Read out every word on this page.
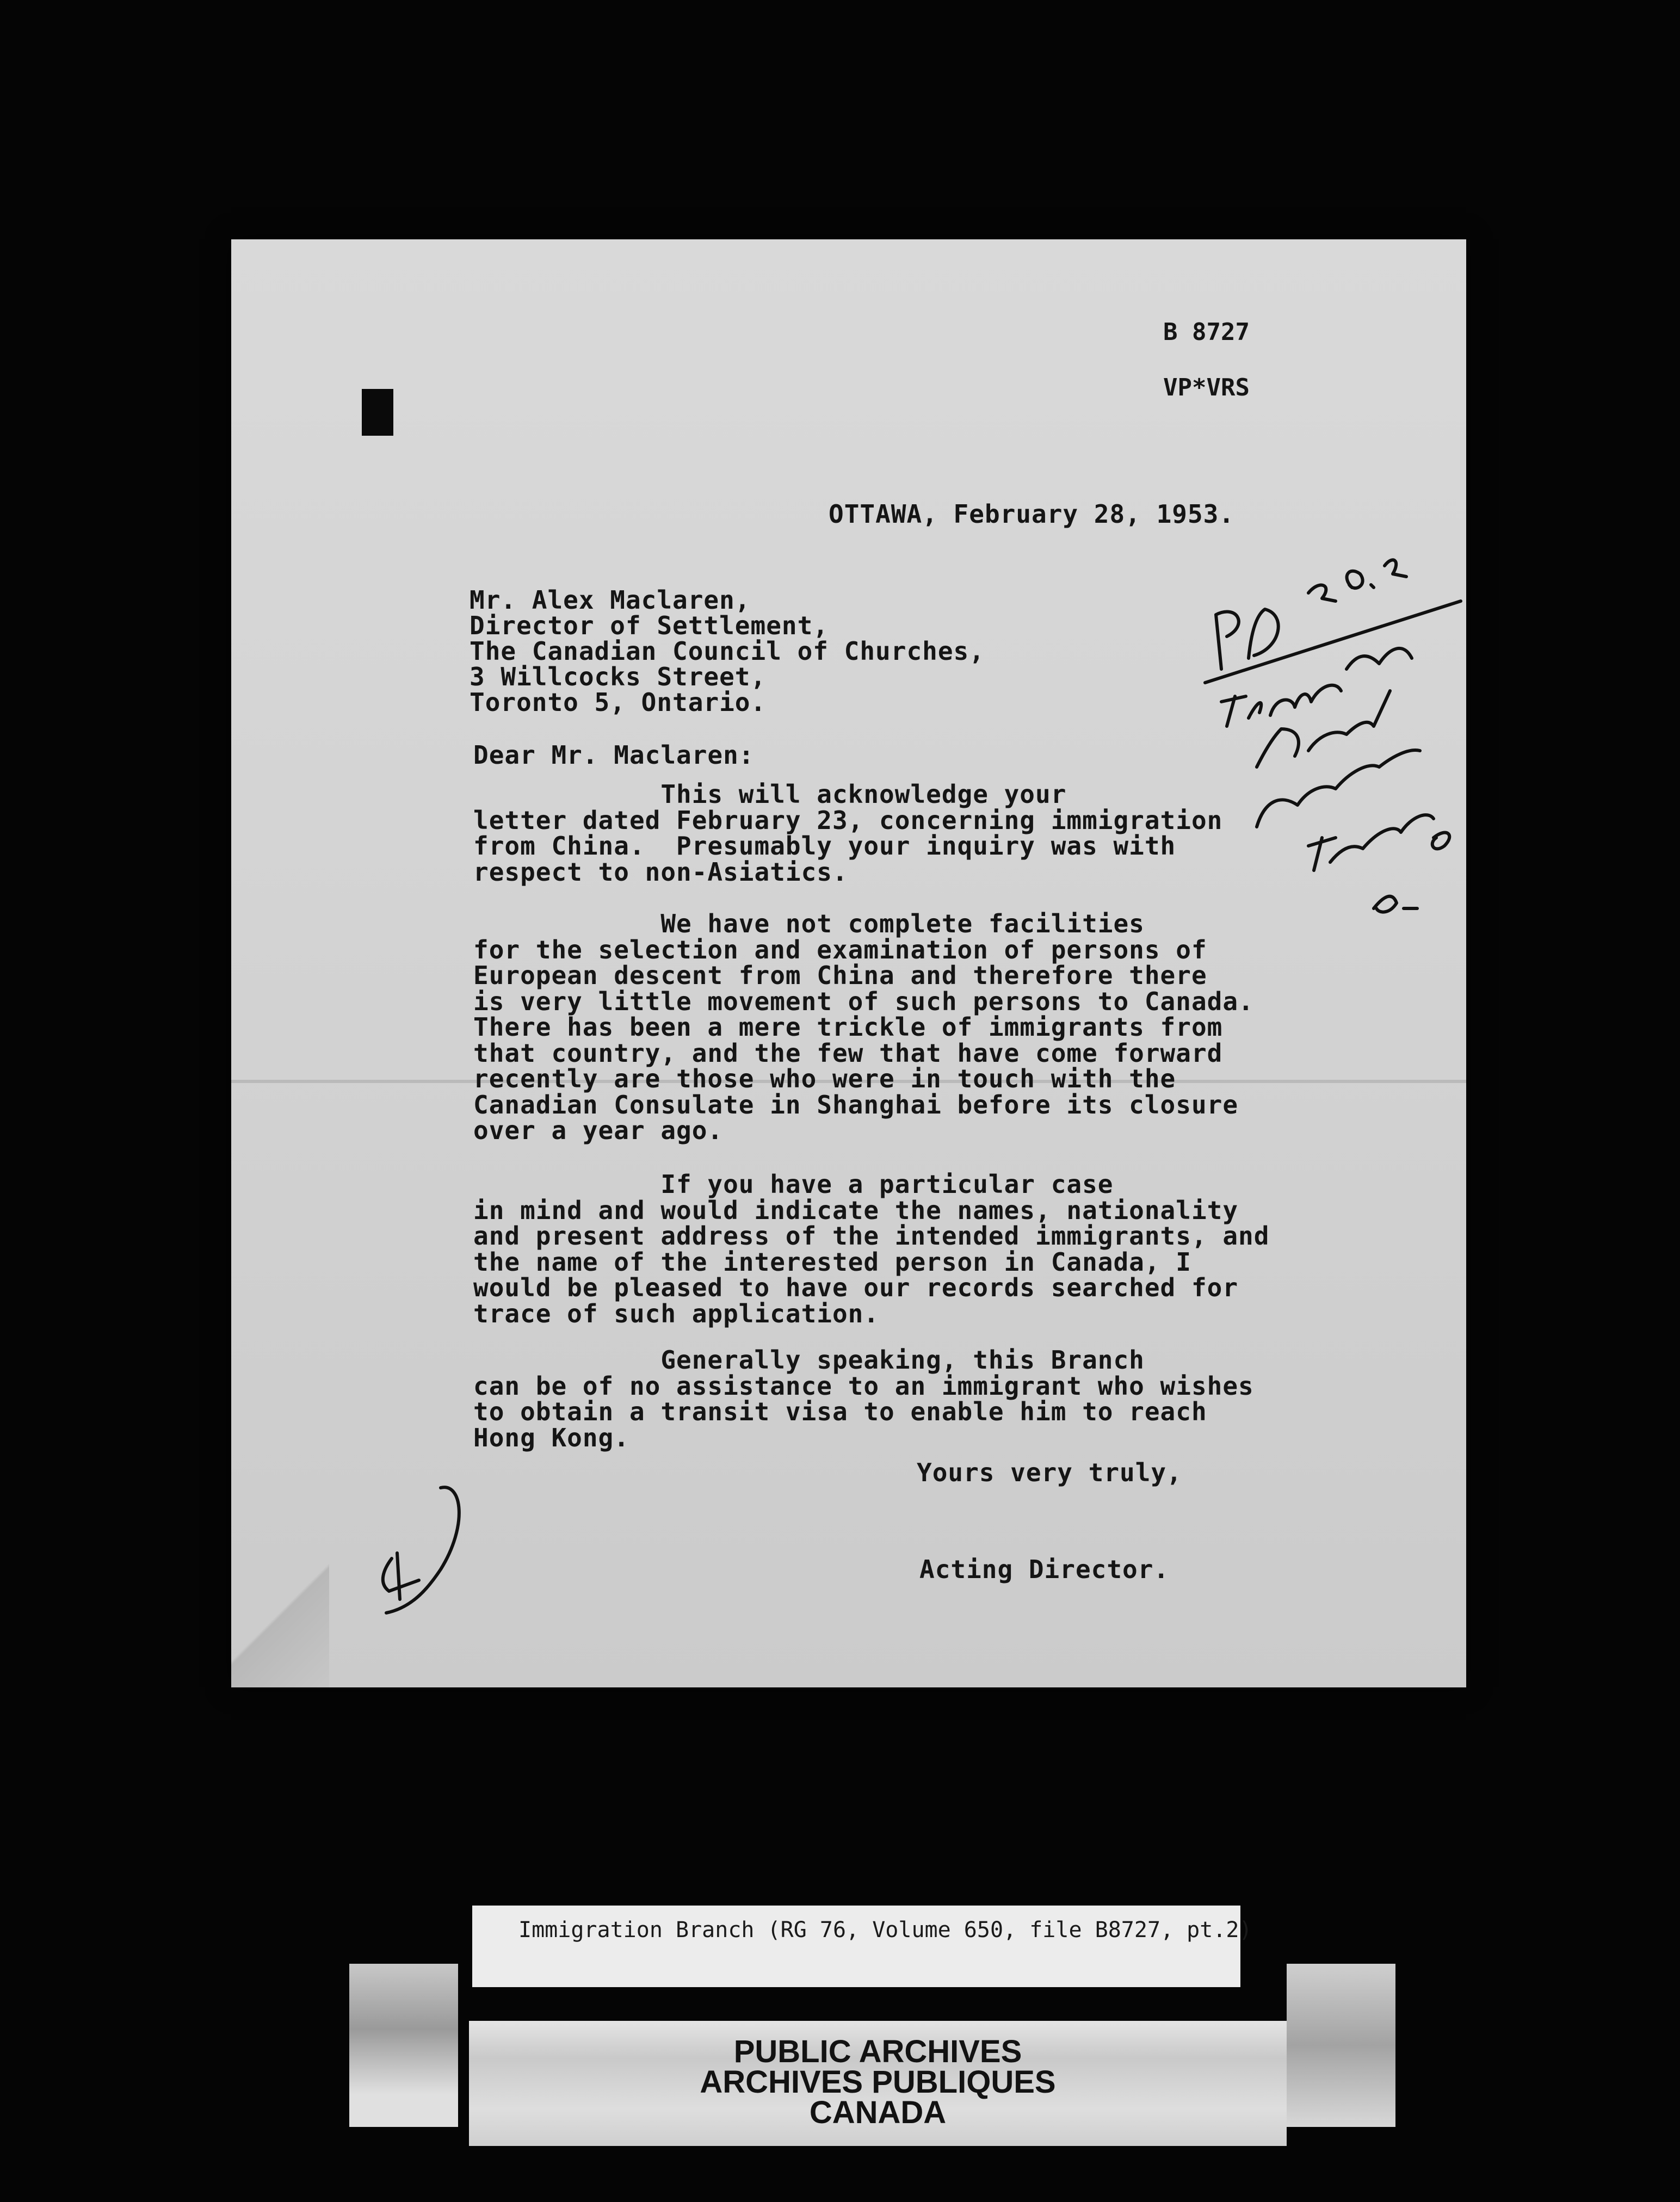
B 8727
VP*VRS
OTTAWA, February 28, 1953.
Mr. Alex Maclaren,
Director of Settlement,
The Canadian Council of Churches,
3 Willcocks Street,
Toronto 5, Ontario.
Dear Mr. Maclaren:
This will acknowledge your
letter dated February 23, concerning immigration
from China.  Presumably your inquiry was with
respect to non-Asiatics.
We have not complete facilities
for the selection and examination of persons of
European descent from China and therefore there
is very little movement of such persons to Canada.
There has been a mere trickle of immigrants from
that country, and the few that have come forward
recently are those who were in touch with the
Canadian Consulate in Shanghai before its closure
over a year ago.
If you have a particular case
in mind and would indicate the names, nationality
and present address of the intended immigrants, and
the name of the interested person in Canada, I
would be pleased to have our records searched for
trace of such application.
Generally speaking, this Branch
can be of no assistance to an immigrant who wishes
to obtain a transit visa to enable him to reach
Hong Kong.
Yours very truly,
Acting Director.
Immigration Branch (RG 76, Volume 650, file B8727, pt.2)
PUBLIC ARCHIVES
ARCHIVES PUBLIQUES
CANADA
